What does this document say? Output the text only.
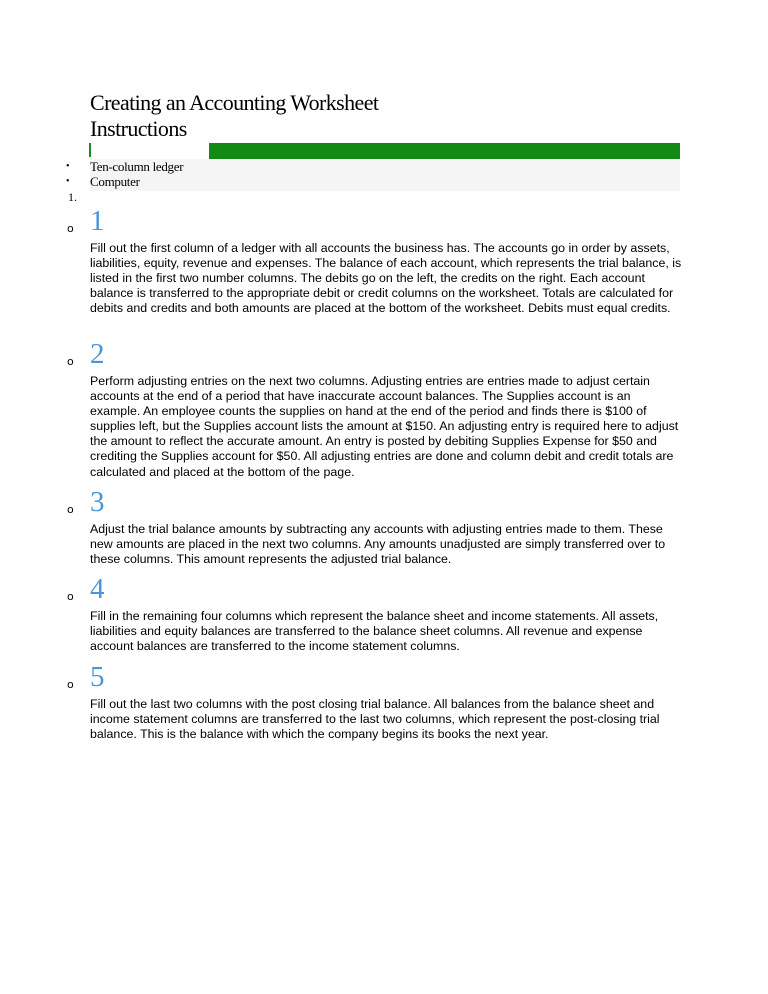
Creating an Accounting Worksheet
Instructions
• Ten-column ledger
• Computer
1.
o 1

Fill out the first column of a ledger with all accounts the business has. The accounts go in order by assets, liabilities, equity, revenue and expenses. The balance of each account, which represents the trial balance, is listed in the first two number columns. The debits go on the left, the credits on the right. Each account balance is transferred to the appropriate debit or credit columns on the worksheet. Totals are calculated for debits and credits and both amounts are placed at the bottom of the worksheet. Debits must equal credits.

o 2

Perform adjusting entries on the next two columns. Adjusting entries are entries made to adjust certain accounts at the end of a period that have inaccurate account balances. The Supplies account is an example. An employee counts the supplies on hand at the end of the period and finds there is $100 of supplies left, but the Supplies account lists the amount at $150. An adjusting entry is required here to adjust the amount to reflect the accurate amount. An entry is posted by debiting Supplies Expense for $50 and crediting the Supplies account for $50. All adjusting entries are done and column debit and credit totals are calculated and placed at the bottom of the page.

o 3

Adjust the trial balance amounts by subtracting any accounts with adjusting entries made to them. These new amounts are placed in the next two columns. Any amounts unadjusted are simply transferred over to these columns. This amount represents the adjusted trial balance.

o 4

Fill in the remaining four columns which represent the balance sheet and income statements. All assets, liabilities and equity balances are transferred to the balance sheet columns. All revenue and expense account balances are transferred to the income statement columns.

o 5

Fill out the last two columns with the post closing trial balance. All balances from the balance sheet and income statement columns are transferred to the last two columns, which represent the post-closing trial balance. This is the balance with which the company begins its books the next year.
